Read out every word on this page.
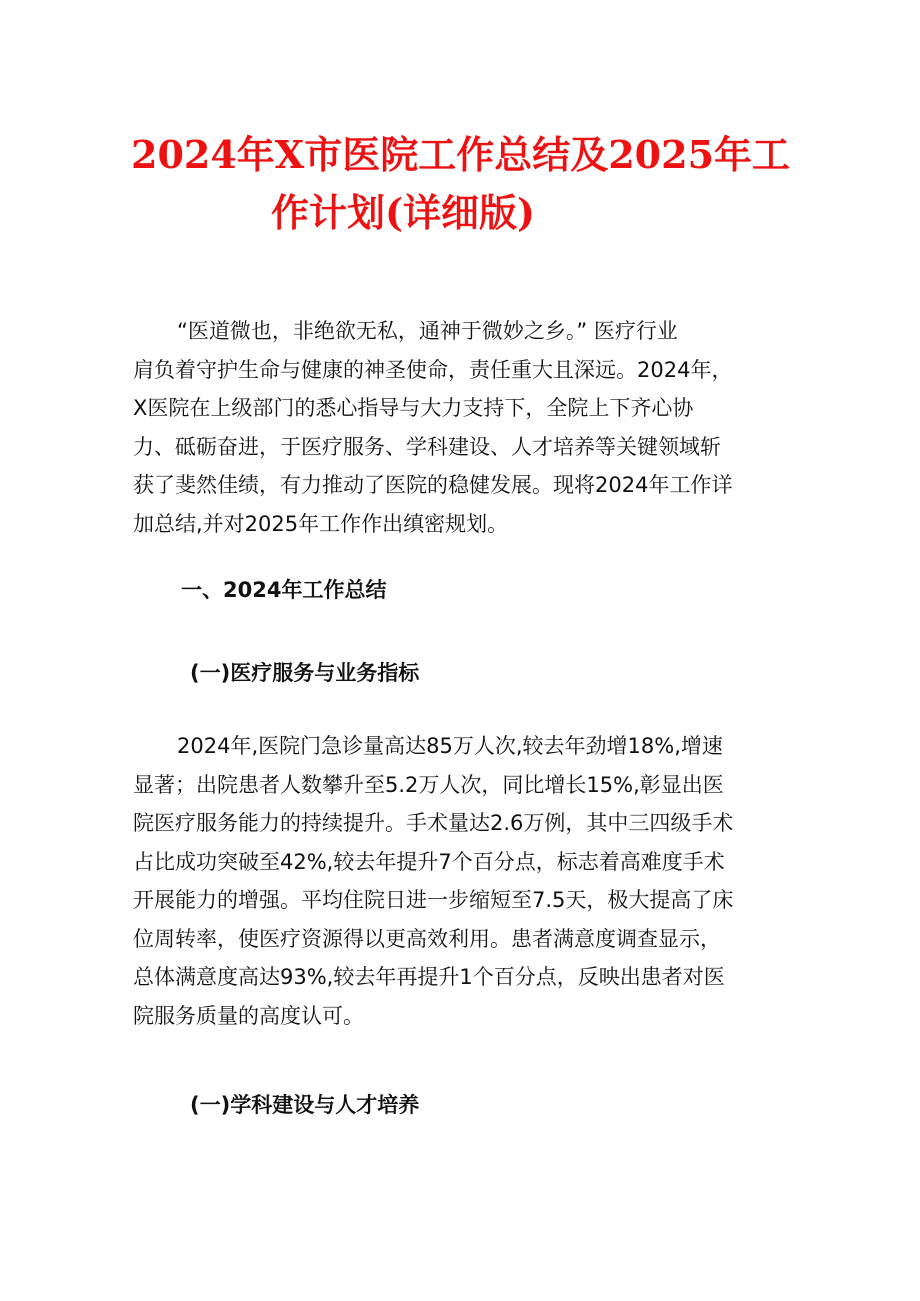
2024年X市医院工作总结及2025年工
作计划(详细版)

“医道微也，非绝欲无私，通神于微妙之乡。” 医疗行业
肩负着守护生命与健康的神圣使命，责任重大且深远。2024年，
X医院在上级部门的悉心指导与大力支持下，全院上下齐心协
力、砥砺奋进，于医疗服务、学科建设、人才培养等关键领域斩
获了斐然佳绩，有力推动了医院的稳健发展。现将2024年工作详
加总结,并对2025年工作作出缜密规划。

一、2024年工作总结
(一)医疗服务与业务指标

2024年,医院门急诊量高达85万人次,较去年劲增18%,增速
显著；出院患者人数攀升至5.2万人次，同比增长15%,彰显出医
院医疗服务能力的持续提升。手术量达2.6万例，其中三四级手术
占比成功突破至42%,较去年提升7个百分点，标志着高难度手术
开展能力的增强。平均住院日进一步缩短至7.5天，极大提高了床
位周转率，使医疗资源得以更高效利用。患者满意度调查显示，
总体满意度高达93%,较去年再提升1个百分点，反映出患者对医
院服务质量的高度认可。

(一)学科建设与人才培养
